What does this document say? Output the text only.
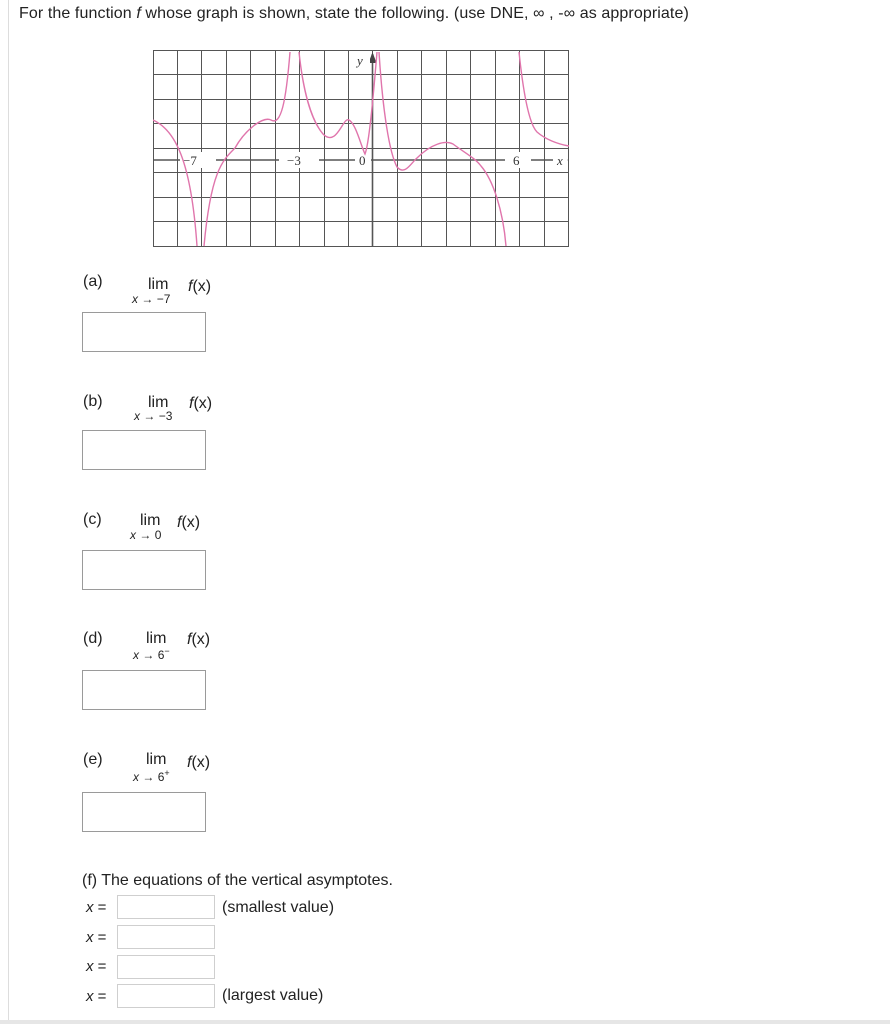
For the function f whose graph is shown, state the following. (use DNE, ∞ , -∞ as appropriate)
−7	−3	0	6	x
y
(a)	lim f(x)
x → −7
(b)	lim f(x)
x → −3
(c) lim f(x)
x → 0
(d)	lim f(x)
x → 6−
(e)	lim f(x)
x → 6+
(f) The equations of the vertical asymptotes.
x =	(smallest value)
x =
x =
x =	(largest value)
